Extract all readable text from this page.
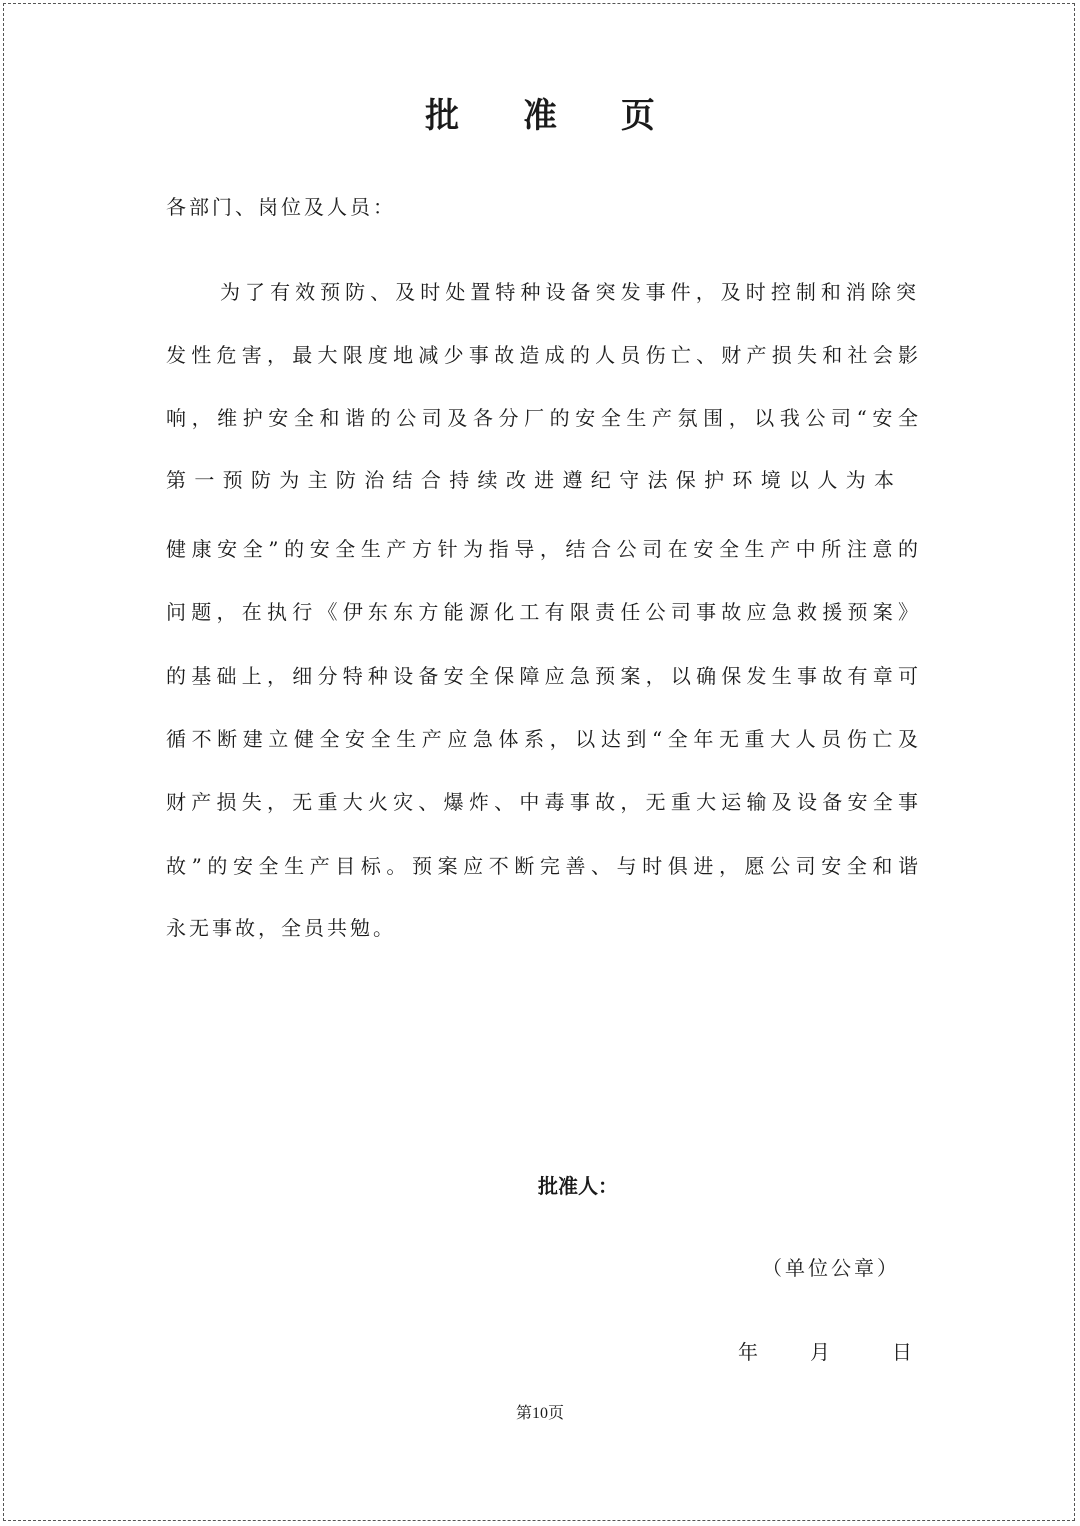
批 准 页

各部门、岗位及人员：

为了有效预防、及时处置特种设备突发事件，及时控制和消除突

发性危害，最大限度地减少事故造成的人员伤亡、财产损失和社会影

响，维护安全和谐的公司及各分厂的安全生产氛围，以我公司“安全

第一预防为主防治结合持续改进遵纪守法保护环境以人为本

健康安全”的安全生产方针为指导，结合公司在安全生产中所注意的

问题，在执行《伊东东方能源化工有限责任公司事故应急救援预案》

的基础上，细分特种设备安全保障应急预案，以确保发生事故有章可

循不断建立健全安全生产应急体系，以达到“全年无重大人员伤亡及

财产损失，无重大火灾、爆炸、中毒事故，无重大运输及设备安全事

故”的安全生产目标。预案应不断完善、与时俱进，愿公司安全和谐

永无事故，全员共勉。

批准人：

（单位公章）

年	月	日

第10页
